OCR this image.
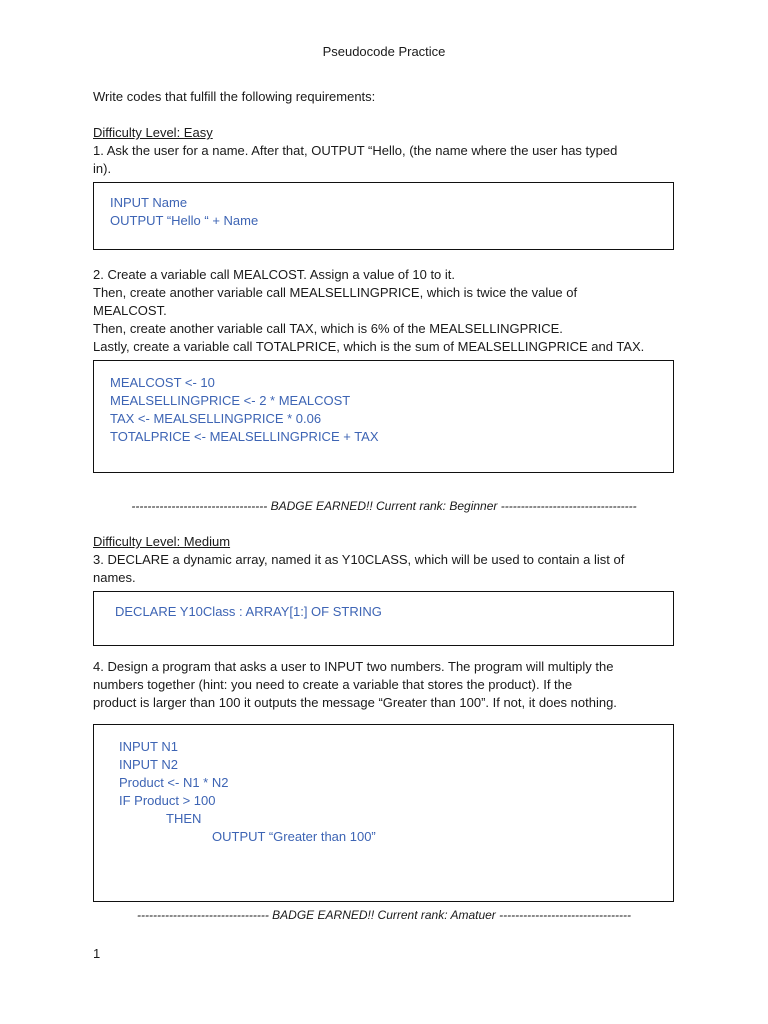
Pseudocode Practice
Write codes that fulfill the following requirements:
Difficulty Level: Easy
1. Ask the user for a name. After that, OUTPUT “Hello, (the name where the user has typed
in).
INPUT Name
OUTPUT “Hello “ + Name
2. Create a variable call MEALCOST. Assign a value of 10 to it.
Then, create another variable call MEALSELLINGPRICE, which is twice the value of
MEALCOST.
Then, create another variable call TAX, which is 6% of the MEALSELLINGPRICE.
Lastly, create a variable call TOTALPRICE, which is the sum of MEALSELLINGPRICE and TAX.
MEALCOST <- 10
MEALSELLINGPRICE <- 2 * MEALCOST
TAX <- MEALSELLINGPRICE * 0.06
TOTALPRICE <- MEALSELLINGPRICE + TAX
---------------------------------- BADGE EARNED!! Current rank: Beginner ----------------------------------
Difficulty Level: Medium
3. DECLARE a dynamic array, named it as Y10CLASS, which will be used to contain a list of
names.
DECLARE Y10Class : ARRAY[1:] OF STRING
4. Design a program that asks a user to INPUT two numbers. The program will multiply the
numbers together (hint: you need to create a variable that stores the product). If the
product is larger than 100 it outputs the message “Greater than 100”. If not, it does nothing.
INPUT N1
INPUT N2
Product <- N1 * N2
IF Product > 100
THEN
OUTPUT “Greater than 100”
--------------------------------- BADGE EARNED!! Current rank: Amatuer ---------------------------------
1
